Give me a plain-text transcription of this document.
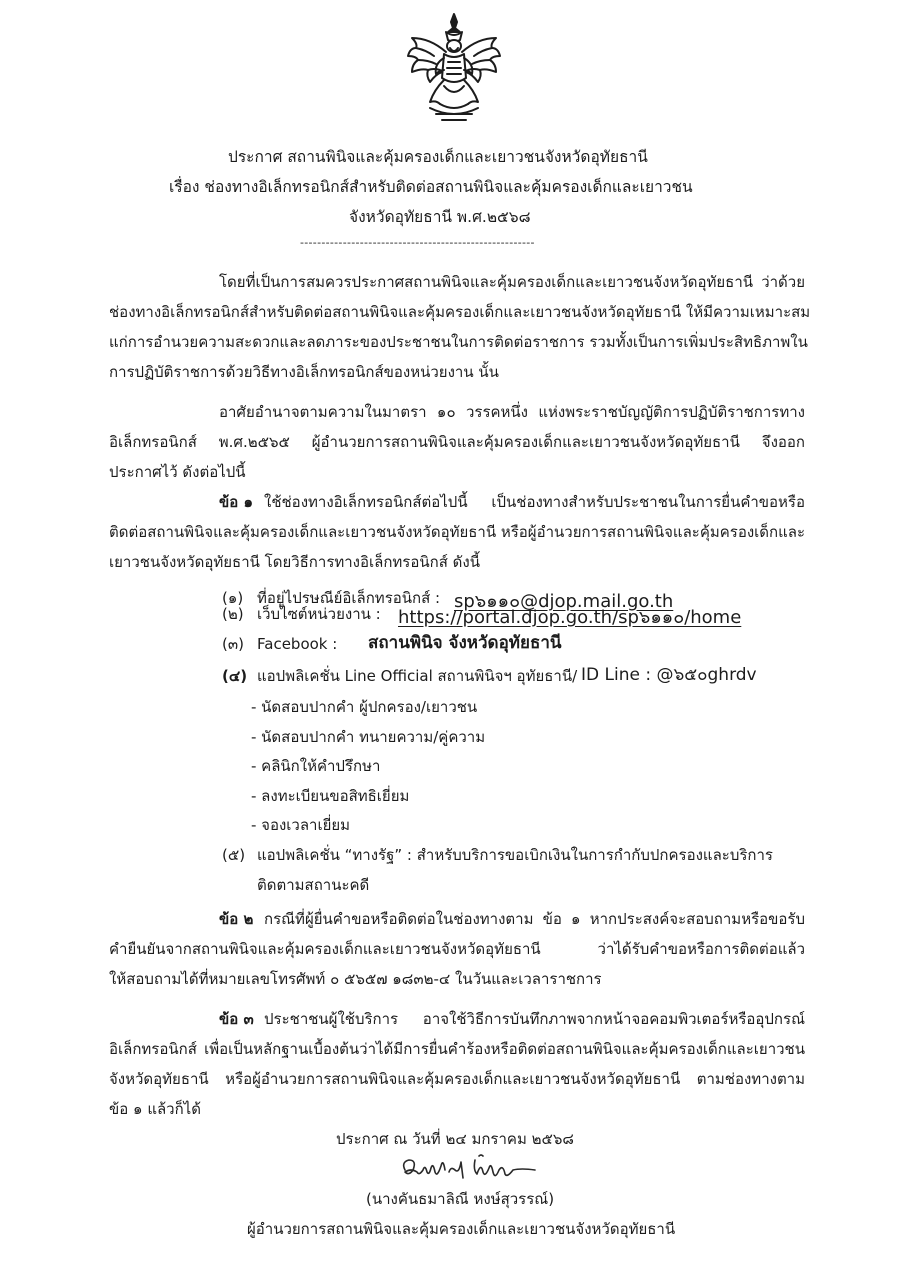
ประกาศ สถานพินิจและคุ้มครองเด็กและเยาวชนจังหวัดอุทัยธานี
เรื่อง ช่องทางอิเล็กทรอนิกส์สำหรับติดต่อสถานพินิจและคุ้มครองเด็กและเยาวชน
จังหวัดอุทัยธานี พ.ศ.๒๕๖๘
-------------------------------------------------------
โดยที่เป็นการสมควรประกาศสถานพินิจและคุ้มครองเด็กและเยาวชนจังหวัดอุทัยธานี ว่าด้วย
ช่องทางอิเล็กทรอนิกส์สำหรับติดต่อสถานพินิจและคุ้มครองเด็กและเยาวชนจังหวัดอุทัยธานี ให้มีความเหมาะสม
แก่การอำนวยความสะดวกและลดภาระของประชาชนในการติดต่อราชการ รวมทั้งเป็นการเพิ่มประสิทธิภาพใน
การปฏิบัติราชการด้วยวิธีทางอิเล็กทรอนิกส์ของหน่วยงาน นั้น
อาศัยอำนาจตามความในมาตรา ๑๐ วรรคหนึ่ง แห่งพระราชบัญญัติการปฏิบัติราชการทาง
อิเล็กทรอนิกส์ พ.ศ.๒๕๖๕ ผู้อำนวยการสถานพินิจและคุ้มครองเด็กและเยาวชนจังหวัดอุทัยธานี จึงออก
ประกาศไว้ ดังต่อไปนี้
ข้อ ๑ ใช้ช่องทางอิเล็กทรอนิกส์ต่อไปนี้ เป็นช่องทางสำหรับประชาชนในการยื่นคำขอหรือ
ติดต่อสถานพินิจและคุ้มครองเด็กและเยาวชนจังหวัดอุทัยธานี หรือผู้อำนวยการสถานพินิจและคุ้มครองเด็กและ
เยาวชนจังหวัดอุทัยธานี โดยวิธีการทางอิเล็กทรอนิกส์ ดังนี้
(๑) ที่อยู่ไปรษณีย์อิเล็กทรอนิกส์ : sp๖๑๑๐@djop.mail.go.th
(๒) เว็บไซต์หน่วยงาน : https://portal.djop.go.th/sp๖๑๑๐/home
(๓) Facebook : สถานพินิจ จังหวัดอุทัยธานี
(๔) แอปพลิเคชั่น Line Official สถานพินิจฯ อุทัยธานี/ ID Line : @๖๕๐ghrdv
- นัดสอบปากคำ ผู้ปกครอง/เยาวชน
- นัดสอบปากคำ ทนายความ/คู่ความ
- คลินิกให้คำปรึกษา
- ลงทะเบียนขอสิทธิเยี่ยม
- จองเวลาเยี่ยม
(๕) แอปพลิเคชั่น “ทางรัฐ” : สำหรับบริการขอเบิกเงินในการกำกับปกครองและบริการ
ติดตามสถานะคดี
ข้อ ๒ กรณีที่ผู้ยื่นคำขอหรือติดต่อในช่องทางตาม ข้อ ๑ หากประสงค์จะสอบถามหรือขอรับ
คำยืนยันจากสถานพินิจและคุ้มครองเด็กและเยาวชนจังหวัดอุทัยธานี ว่าได้รับคำขอหรือการติดต่อแล้ว
ให้สอบถามได้ที่หมายเลขโทรศัพท์ ๐ ๕๖๕๗ ๑๘๓๒-๔ ในวันและเวลาราชการ
ข้อ ๓ ประชาชนผู้ใช้บริการ อาจใช้วิธีการบันทึกภาพจากหน้าจอคอมพิวเตอร์หรืออุปกรณ์
อิเล็กทรอนิกส์ เพื่อเป็นหลักฐานเบื้องต้นว่าได้มีการยื่นคำร้องหรือติดต่อสถานพินิจและคุ้มครองเด็กและเยาวชน
จังหวัดอุทัยธานี หรือผู้อำนวยการสถานพินิจและคุ้มครองเด็กและเยาวชนจังหวัดอุทัยธานี ตามช่องทางตาม
ข้อ ๑ แล้วก็ได้
ประกาศ ณ วันที่ ๒๔ มกราคม ๒๕๖๘
(นางคันธมาลิณี หงษ์สุวรรณ์)
ผู้อำนวยการสถานพินิจและคุ้มครองเด็กและเยาวชนจังหวัดอุทัยธานี
